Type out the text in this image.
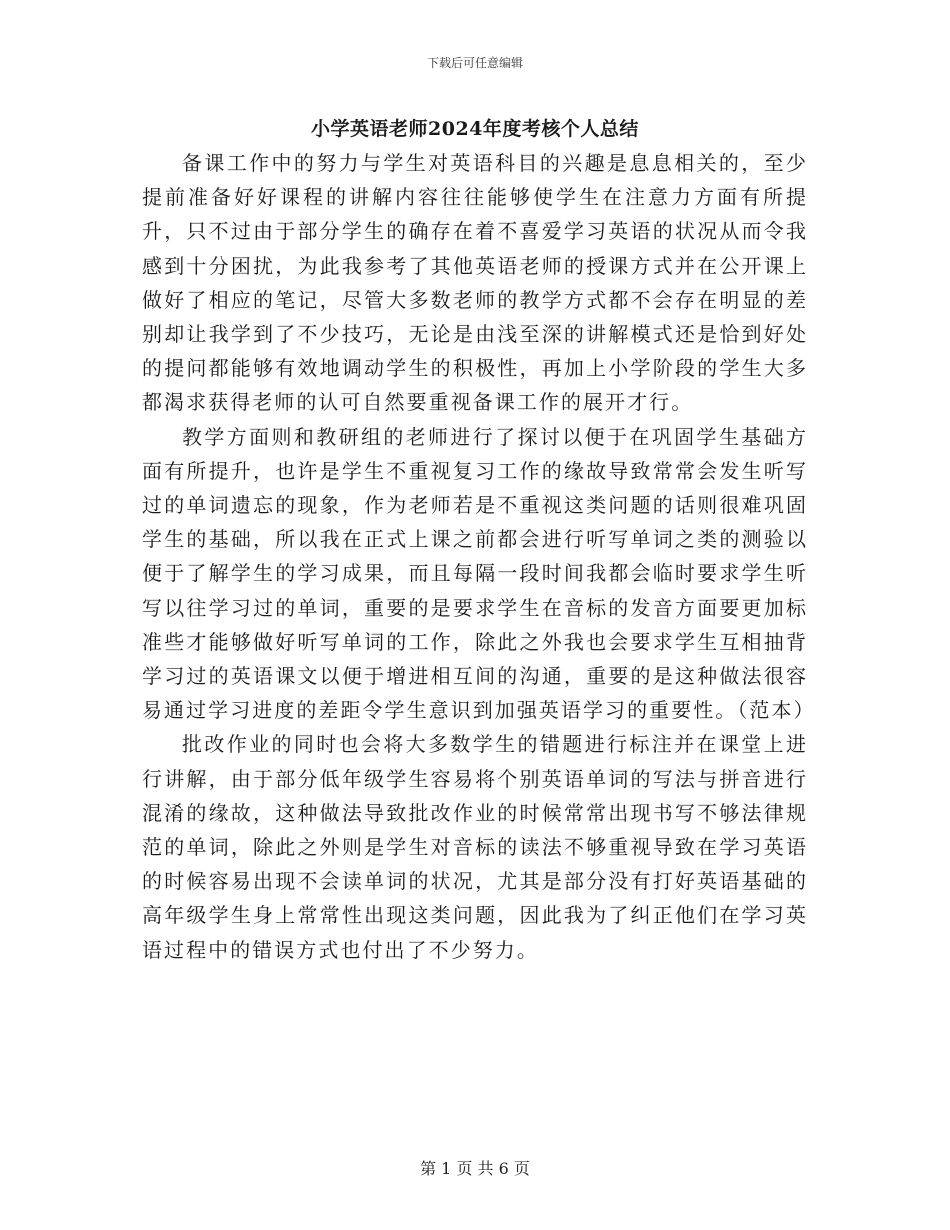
下载后可任意编辑
小学英语老师2024年度考核个人总结

备课工作中的努力与学生对英语科目的兴趣是息息相关的，至少提前准备好好课程的讲解内容往往能够使学生在注意力方面有所提升，只不过由于部分学生的确存在着不喜爱学习英语的状况从而令我感到十分困扰，为此我参考了其他英语老师的授课方式并在公开课上做好了相应的笔记，尽管大多数老师的教学方式都不会存在明显的差别却让我学到了不少技巧，无论是由浅至深的讲解模式还是恰到好处的提问都能够有效地调动学生的积极性，再加上小学阶段的学生大多都渴求获得老师的认可自然要重视备课工作的展开才行。

教学方面则和教研组的老师进行了探讨以便于在巩固学生基础方面有所提升，也许是学生不重视复习工作的缘故导致常常会发生听写过的单词遗忘的现象，作为老师若是不重视这类问题的话则很难巩固学生的基础，所以我在正式上课之前都会进行听写单词之类的测验以便于了解学生的学习成果，而且每隔一段时间我都会临时要求学生听写以往学习过的单词，重要的是要求学生在音标的发音方面要更加标准些才能够做好听写单词的工作，除此之外我也会要求学生互相抽背学习过的英语课文以便于增进相互间的沟通，重要的是这种做法很容易通过学习进度的差距令学生意识到加强英语学习的重要性。（范本）

批改作业的同时也会将大多数学生的错题进行标注并在课堂上进行讲解，由于部分低年级学生容易将个别英语单词的写法与拼音进行混淆的缘故，这种做法导致批改作业的时候常常出现书写不够法律规范的单词，除此之外则是学生对音标的读法不够重视导致在学习英语的时候容易出现不会读单词的状况，尤其是部分没有打好英语基础的高年级学生身上常常性出现这类问题，因此我为了纠正他们在学习英语过程中的错误方式也付出了不少努力。

第 1 页 共 6 页
